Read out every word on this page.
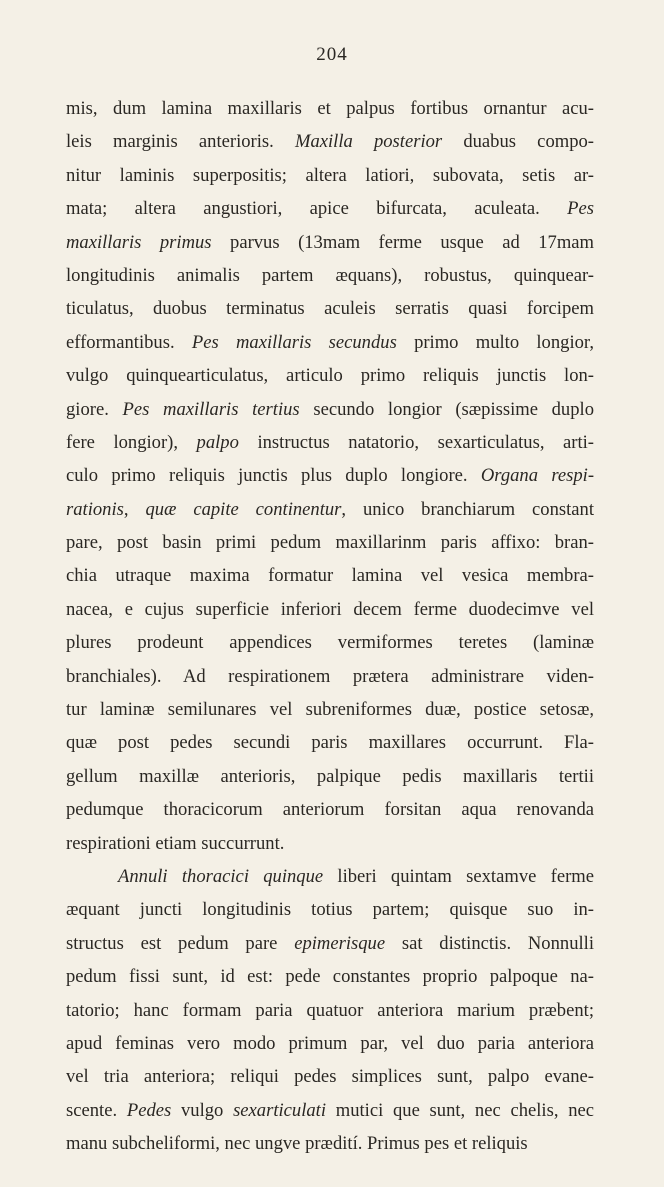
204
mis, dum lamina maxillaris et palpus fortibus ornantur acu-
leis marginis anterioris. Maxilla posterior duabus compo-
nitur laminis superpositis; altera latiori, subovata, setis ar-
mata; altera angustiori, apice bifurcata, aculeata. Pes
maxillaris primus parvus (13mam ferme usque ad 17mam
longitudinis animalis partem æquans), robustus, quinquear-
ticulatus, duobus terminatus aculeis serratis quasi forcipem
efformantibus. Pes maxillaris secundus primo multo longior,
vulgo quinquearticulatus, articulo primo reliquis junctis lon-
giore. Pes maxillaris tertius secundo longior (sæpissime duplo
fere longior), palpo instructus natatorio, sexarticulatus, arti-
culo primo reliquis junctis plus duplo longiore. Organa respi-
rationis, quæ capite continentur, unico branchiarum constant
pare, post basin primi pedum maxillarinm paris affixo: bran-
chia utraque maxima formatur lamina vel vesica membra-
nacea, e cujus superficie inferiori decem ferme duodecimve vel
plures prodeunt appendices vermiformes teretes (laminæ
branchiales). Ad respirationem prætera administrare viden-
tur laminæ semilunares vel subreniformes duæ, postice setosæ,
quæ post pedes secundi paris maxillares occurrunt. Fla-
gellum maxillæ anterioris, palpique pedis maxillaris tertii
pedumque thoracicorum anteriorum forsitan aqua renovanda
respirationi etiam succurrunt.
Annuli thoracici quinque liberi quintam sextamve ferme
æquant juncti longitudinis totius partem; quisque suo in-
structus est pedum pare epimerisque sat distinctis. Nonnulli
pedum fissi sunt, id est: pede constantes proprio palpoque na-
tatorio; hanc formam paria quatuor anteriora marium præbent;
apud feminas vero modo primum par, vel duo paria anteriora
vel tria anteriora; reliqui pedes simplices sunt, palpo evane-
scente. Pedes vulgo sexarticulati mutici que sunt, nec chelis, nec
manu subcheliformi, nec ungve prædití. Primus pes et reliquis
